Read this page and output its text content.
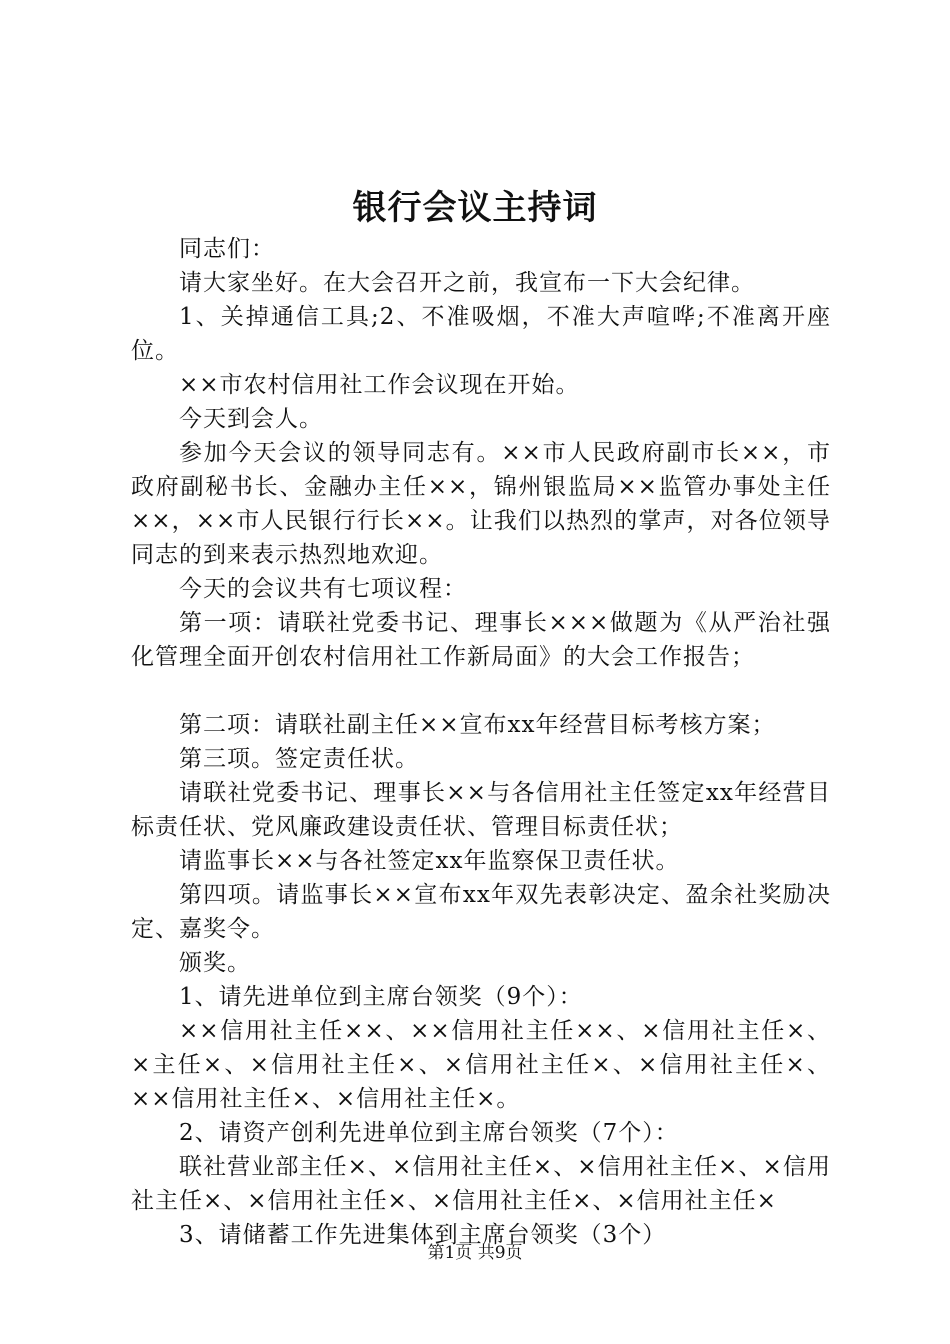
银行会议主持词

同志们：

请大家坐好。在大会召开之前，我宣布一下大会纪律。

1、关掉通信工具;2、不准吸烟，不准大声喧哗;不准离开座位。

××市农村信用社工作会议现在开始。

今天到会人。

参加今天会议的领导同志有。××市人民政府副市长××，市政府副秘书长、金融办主任××，锦州银监局××监管办事处主任××，××市人民银行行长××。让我们以热烈的掌声，对各位领导同志的到来表示热烈地欢迎。

今天的会议共有七项议程：

第一项：请联社党委书记、理事长×××做题为《从严治社强化管理全面开创农村信用社工作新局面》的大会工作报告；

第二项：请联社副主任××宣布xx年经营目标考核方案；

第三项。签定责任状。

请联社党委书记、理事长××与各信用社主任签定xx年经营目标责任状、党风廉政建设责任状、管理目标责任状；

请监事长××与各社签定xx年监察保卫责任状。

第四项。请监事长××宣布xx年双先表彰决定、盈余社奖励决定、嘉奖令。

颁奖。

1、请先进单位到主席台领奖（9个）：

××信用社主任××、××信用社主任××、×信用社主任×、×主任×、×信用社主任×、×信用社主任×、×信用社主任×、××信用社主任×、×信用社主任×。

2、请资产创利先进单位到主席台领奖（7个）：

联社营业部主任×、×信用社主任×、×信用社主任×、×信用社主任×、×信用社主任×、×信用社主任×、×信用社主任×

3、请储蓄工作先进集体到主席台领奖（3个）

第1页 共9页
